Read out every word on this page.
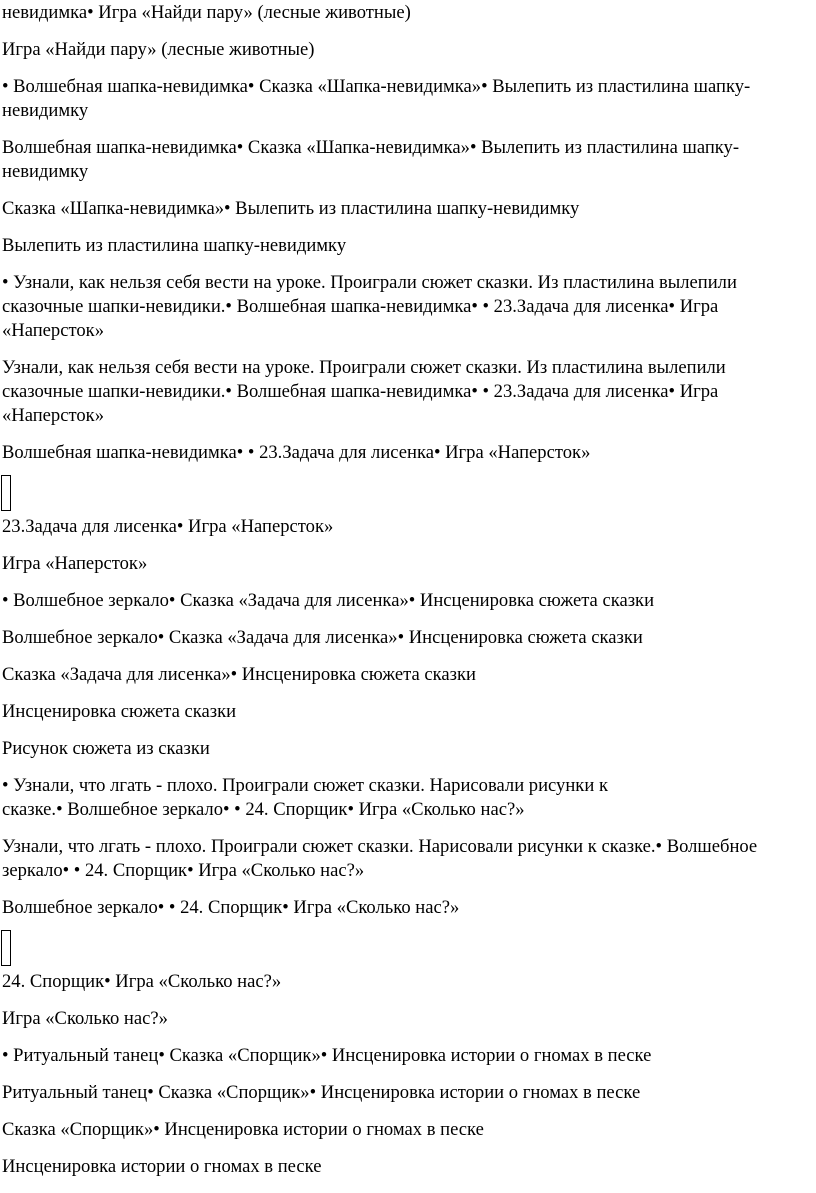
невидимка• Игра «Найди пару» (лесные животные)

Игра «Найди пару» (лесные животные)

• Волшебная шапка-невидимка• Сказка «Шапка-невидимка»• Вылепить из пластилина шапку-невидимку

Волшебная шапка-невидимка• Сказка «Шапка-невидимка»• Вылепить из пластилина шапку-невидимку

Сказка «Шапка-невидимка»• Вылепить из пластилина шапку-невидимку

Вылепить из пластилина шапку-невидимку

• Узнали, как нельзя себя вести на уроке. Проиграли сюжет сказки. Из пластилина вылепили сказочные шапки-невидики.• Волшебная шапка-невидимка• • 23.Задача для лисенка• Игра «Наперсток»

Узнали, как нельзя себя вести на уроке. Проиграли сюжет сказки. Из пластилина вылепили сказочные шапки-невидики.• Волшебная шапка-невидимка• • 23.Задача для лисенка• Игра «Наперсток»

Волшебная шапка-невидимка• • 23.Задача для лисенка• Игра «Наперсток»

23.Задача для лисенка• Игра «Наперсток»

Игра «Наперсток»

• Волшебное зеркало• Сказка «Задача для лисенка»• Инсценировка сюжета сказки

Волшебное зеркало• Сказка «Задача для лисенка»• Инсценировка сюжета сказки

Сказка «Задача для лисенка»• Инсценировка сюжета сказки

Инсценировка сюжета сказки

Рисунок сюжета из сказки

• Узнали, что лгать - плохо. Проиграли сюжет сказки. Нарисовали рисунки к сказке.• Волшебное зеркало• • 24. Спорщик• Игра «Сколько нас?»

Узнали, что лгать - плохо. Проиграли сюжет сказки. Нарисовали рисунки к сказке.• Волшебное зеркало• • 24. Спорщик• Игра «Сколько нас?»

Волшебное зеркало• • 24. Спорщик• Игра «Сколько нас?»

24. Спорщик• Игра «Сколько нас?»

Игра «Сколько нас?»

• Ритуальный танец• Сказка «Спорщик»• Инсценировка истории о гномах в песке

Ритуальный танец• Сказка «Спорщик»• Инсценировка истории о гномах в песке

Сказка «Спорщик»• Инсценировка истории о гномах в песке

Инсценировка истории о гномах в песке
